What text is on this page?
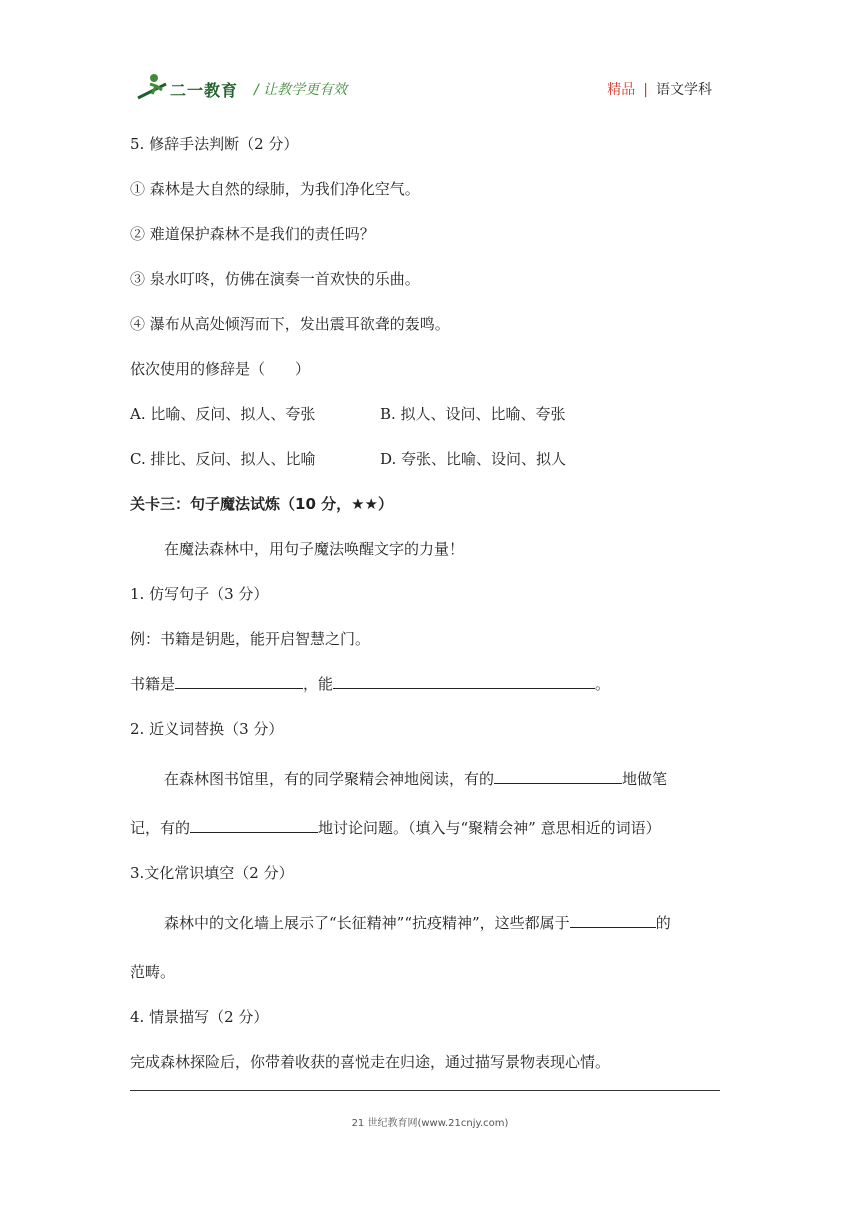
二一教育 / 让教学更有效	精品 | 语文学科
5. 修辞手法判断（2 分）
① 森林是大自然的绿肺，为我们净化空气。
② 难道保护森林不是我们的责任吗？
③ 泉水叮咚，仿佛在演奏一首欢快的乐曲。
④ 瀑布从高处倾泻而下，发出震耳欲聋的轰鸣。
依次使用的修辞是（　　）
A. 比喻、反问、拟人、夸张	B. 拟人、设问、比喻、夸张
C. 排比、反问、拟人、比喻	D. 夸张、比喻、设问、拟人
关卡三：句子魔法试炼（10 分，★★）
在魔法森林中，用句子魔法唤醒文字的力量！
1. 仿写句子（3 分）
例：书籍是钥匙，能开启智慧之门。
书籍是	，能	。
2. 近义词替换（3 分）
在森林图书馆里，有的同学聚精会神地阅读，有的	地做笔
记，有的	地讨论问题。（填入与“聚精会神” 意思相近的词语）
3.文化常识填空（2 分）
森林中的文化墙上展示了“长征精神”“抗疫精神”，这些都属于	的
范畴。
4. 情景描写（2 分）
完成森林探险后，你带着收获的喜悦走在归途，通过描写景物表现心情。
21 世纪教育网(www.21cnjy.com)
